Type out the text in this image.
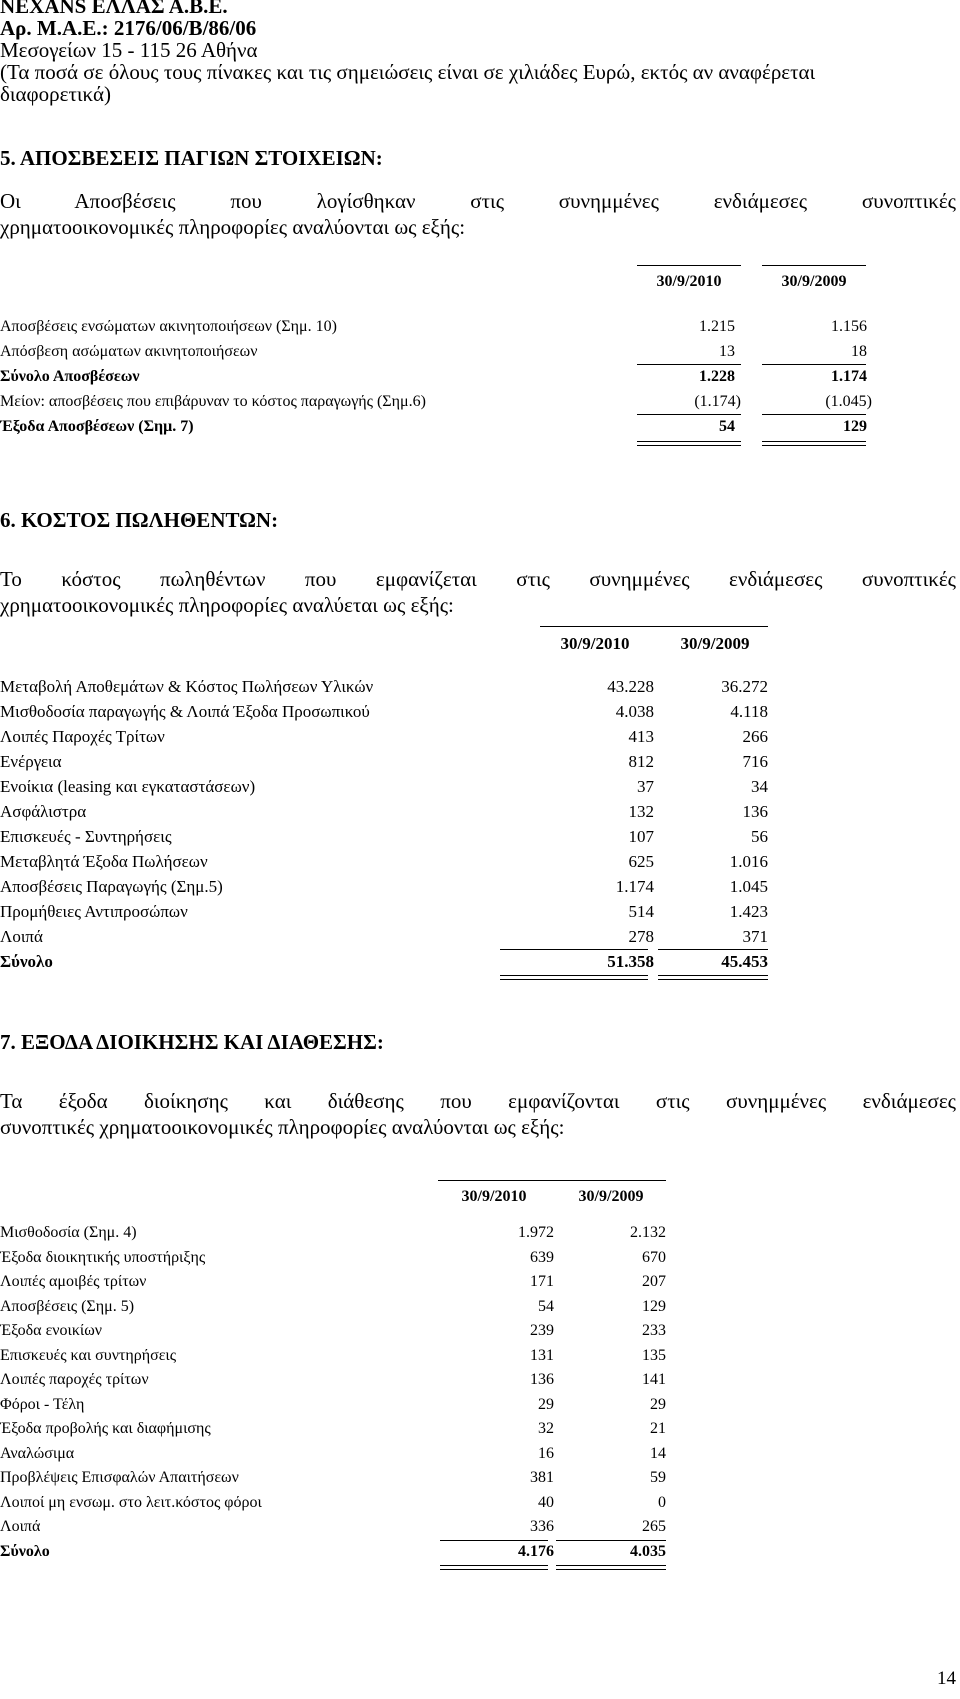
ΝΕΧΑΝS ΕΛΛΑΣ Α.Β.Ε.
Αρ. Μ.Α.Ε.: 2176/06/Β/86/06
Μεσογείων 15 - 115 26 Αθήνα
(Τα ποσά σε όλους τους πίνακες και τις σημειώσεις είναι σε χιλιάδες Ευρώ, εκτός αν αναφέρεται
διαφορετικά)
5. ΑΠΟΣΒΕΣΕΙΣ ΠΑΓΙΩΝ ΣΤΟΙΧΕΙΩΝ:
Οι Αποσβέσεις που λογίσθηκαν στις συνημμένες ενδιάμεσες συνοπτικές
χρηματοοικονομικές πληροφορίες αναλύονται ως εξής:
30/9/2010	30/9/2009
Αποσβέσεις ενσώματων ακινητοποιήσεων (Σημ. 10)	1.215	1.156
Απόσβεση ασώματων ακινητοποιήσεων	13	18
Σύνολο Αποσβέσεων	1.228	1.174
Μείον: αποσβέσεις που επιβάρυναν το κόστος παραγωγής (Σημ.6)	(1.174)	(1.045)
Έξοδα Αποσβέσεων (Σημ. 7)	54	129
6. ΚΟΣΤΟΣ ΠΩΛΗΘΕΝΤΩΝ:
Το κόστος πωληθέντων που εμφανίζεται στις συνημμένες ενδιάμεσες συνοπτικές
χρηματοοικονομικές πληροφορίες αναλύεται ως εξής:
30/9/2010	30/9/2009
Μεταβολή Αποθεμάτων & Κόστος Πωλήσεων Υλικών	43.228	36.272
Μισθοδοσία παραγωγής & Λοιπά Έξοδα Προσωπικού	4.038	4.118
Λοιπές Παροχές Τρίτων	413	266
Ενέργεια	812	716
Ενοίκια (leasing και εγκαταστάσεων)	37	34
Ασφάλιστρα	132	136
Επισκευές - Συντηρήσεις	107	56
Μεταβλητά Έξοδα Πωλήσεων	625	1.016
Αποσβέσεις Παραγωγής (Σημ.5)	1.174	1.045
Προμήθειες Αντιπροσώπων	514	1.423
Λοιπά	278	371
Σύνολο	51.358	45.453
7. ΕΞΟΔΑ ΔΙΟΙΚΗΣΗΣ ΚΑΙ ΔΙΑΘΕΣΗΣ:
Τα έξοδα διοίκησης και διάθεσης που εμφανίζονται στις συνημμένες ενδιάμεσες
συνοπτικές χρηματοοικονομικές πληροφορίες αναλύονται ως εξής:
30/9/2010	30/9/2009
Μισθοδοσία (Σημ. 4)	1.972	2.132
Έξοδα διοικητικής υποστήριξης	639	670
Λοιπές αμοιβές τρίτων	171	207
Αποσβέσεις (Σημ. 5)	54	129
Έξοδα ενοικίων	239	233
Επισκευές και συντηρήσεις	131	135
Λοιπές παροχές τρίτων	136	141
Φόροι - Τέλη	29	29
Έξοδα προβολής και διαφήμισης	32	21
Αναλώσιμα	16	14
Προβλέψεις Επισφαλών Απαιτήσεων	381	59
Λοιποί μη ενσωμ. στο λειτ.κόστος φόροι	40	0
Λοιπά	336	265
Σύνολο	4.176	4.035
14
